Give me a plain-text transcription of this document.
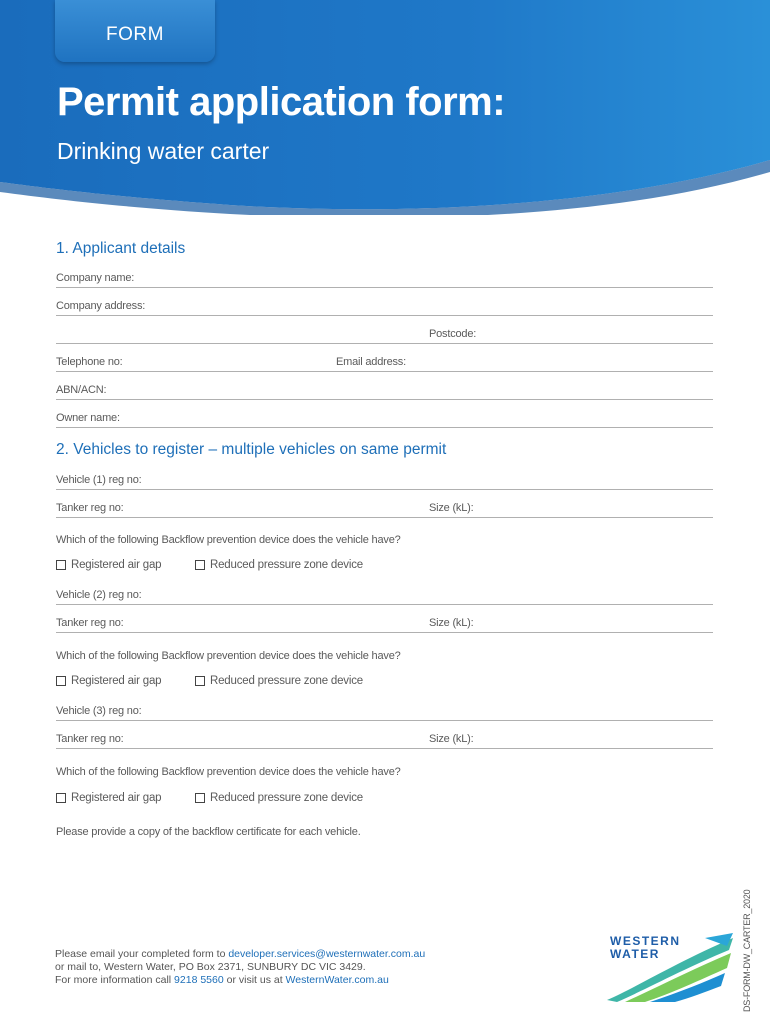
FORM
Permit application form:
Drinking water carter
1. Applicant details
Company name:
Company address:
Postcode:
Telephone no:	Email address:
ABN/ACN:
Owner name:
2. Vehicles to register – multiple vehicles on same permit
Vehicle (1) reg no:
Tanker reg no:	Size (kL):
Which of the following Backflow prevention device does the vehicle have?
Registered air gap	Reduced pressure zone device
Vehicle (2) reg no:
Tanker reg no:	Size (kL):
Which of the following Backflow prevention device does the vehicle have?
Registered air gap	Reduced pressure zone device
Vehicle (3) reg no:
Tanker reg no:	Size (kL):
Which of the following Backflow prevention device does the vehicle have?
Registered air gap	Reduced pressure zone device
Please provide a copy of the backflow certificate for each vehicle.
Please email your completed form to developer.services@westernwater.com.au
or mail to, Western Water, PO Box 2371, SUNBURY DC VIC 3429.
For more information call 9218 5560 or visit us at WesternWater.com.au
WESTERN
WATER	DS-FORM-DW_CARTER_2020
